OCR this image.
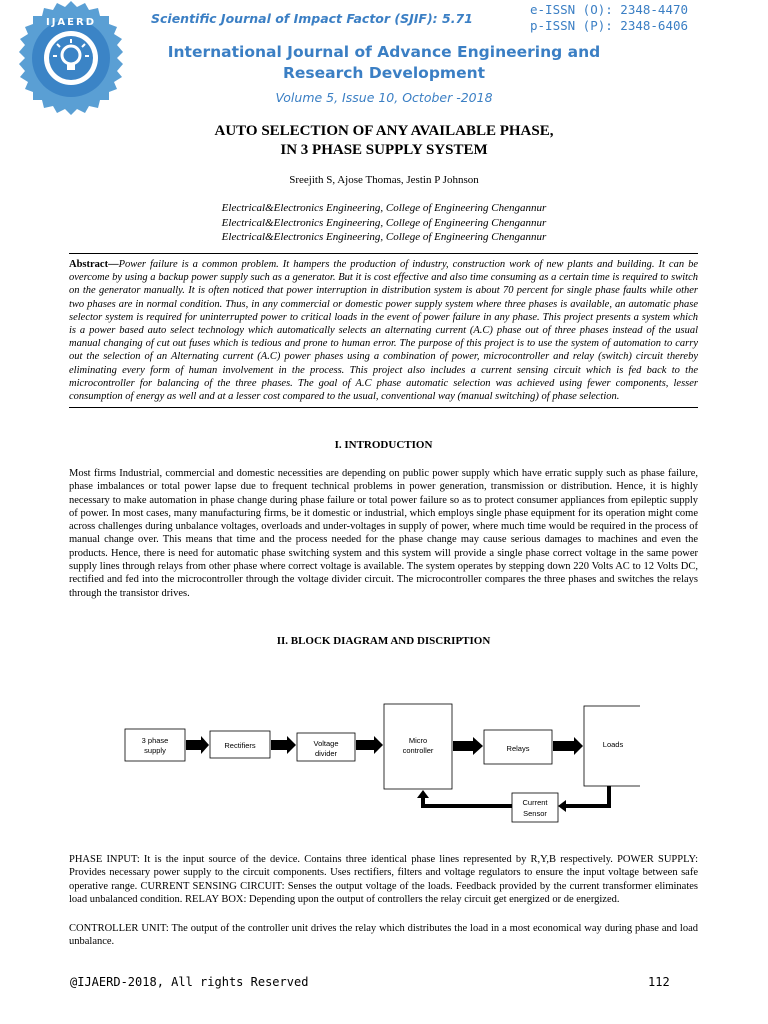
IJAERD	Scientific Journal of Impact Factor (SJIF): 5.71
e-ISSN (O): 2348-4470
p-ISSN (P): 2348-6406
International Journal of Advance Engineering and Research Development
Volume 5, Issue 10, October -2018
AUTO SELECTION OF ANY AVAILABLE PHASE,
IN 3 PHASE SUPPLY SYSTEM
Sreejith S, Ajose Thomas, Jestin P Johnson
Electrical&Electronics Engineering, College of Engineering Chengannur
Electrical&Electronics Engineering, College of Engineering Chengannur
Electrical&Electronics Engineering, College of Engineering Chengannur
Abstract—Power failure is a common problem. It hampers the production of industry, construction work of new plants and building. It can be overcome by using a backup power supply such as a generator. But it is cost effective and also time consuming as a certain time is required to switch on the generator manually. It is often noticed that power interruption in distribution system is about 70 percent for single phase faults while other two phases are in normal condition. Thus, in any commercial or domestic power supply system where three phases is available, an automatic phase selector system is required for uninterrupted power to critical loads in the event of power failure in any phase. This project presents a system which is a power based auto select technology which automatically selects an alternating current (A.C) phase out of three phases instead of the usual manual changing of cut out fuses which is tedious and prone to human error. The purpose of this project is to use the system of automation to carry out the selection of an Alternating current (A.C) power phases using a combination of power, microcontroller and relay (switch) circuit thereby eliminating every form of human involvement in the process. This project also includes a current sensing circuit which is fed back to the microcontroller for balancing of the three phases. The goal of A.C phase automatic selection was achieved using fewer components, lesser consumption of energy as well and at a lesser cost compared to the usual, conventional way (manual switching) of phase selection.
I. INTRODUCTION

Most firms Industrial, commercial and domestic necessities are depending on public power supply which have erratic supply such as phase failure, phase imbalances or total power lapse due to frequent technical problems in power generation, transmission or distribution. Hence, it is highly necessary to make automation in phase change during phase failure or total power failure so as to protect consumer appliances from epileptic supply of power. In most cases, many manufacturing firms, be it domestic or industrial, which employs single phase equipment for its operation might come across challenges during unbalance voltages, overloads and under-voltages in supply of power, where much time would be required in the process of manual change over. This means that time and the process needed for the phase change may cause serious damages to machines and even the products. Hence, there is need for automatic phase switching system and this system will provide a single phase correct voltage in the same power supply lines through relays from other phase where correct voltage is available. The system operates by stepping down 220 Volts AC to 12 Volts DC, rectified and fed into the microcontroller through the voltage divider circuit. The microcontroller compares the three phases and switches the relays through the transistor drives.

II. BLOCK DIAGRAM AND DISCRIPTION
3 phase
supply
Rectifiers	Voltage
divider
Micro
controller	Relays	Loads
Current
Sensor

PHASE INPUT: It is the input source of the device. Contains three identical phase lines represented by R,Y,B respectively. POWER SUPPLY: Provides necessary power supply to the circuit components. Uses rectifiers, filters and voltage regulators to ensure the input voltage between safe operative range. CURRENT SENSING CIRCUIT: Senses the output voltage of the loads. Feedback provided by the current transformer eliminates load unbalanced condition. RELAY BOX: Depending upon the output of controllers the relay circuit get energized or de energized.

CONTROLLER UNIT: The output of the controller unit drives the relay which distributes the load in a most economical way during phase and load unbalance.

@IJAERD-2018, All rights Reserved	112
